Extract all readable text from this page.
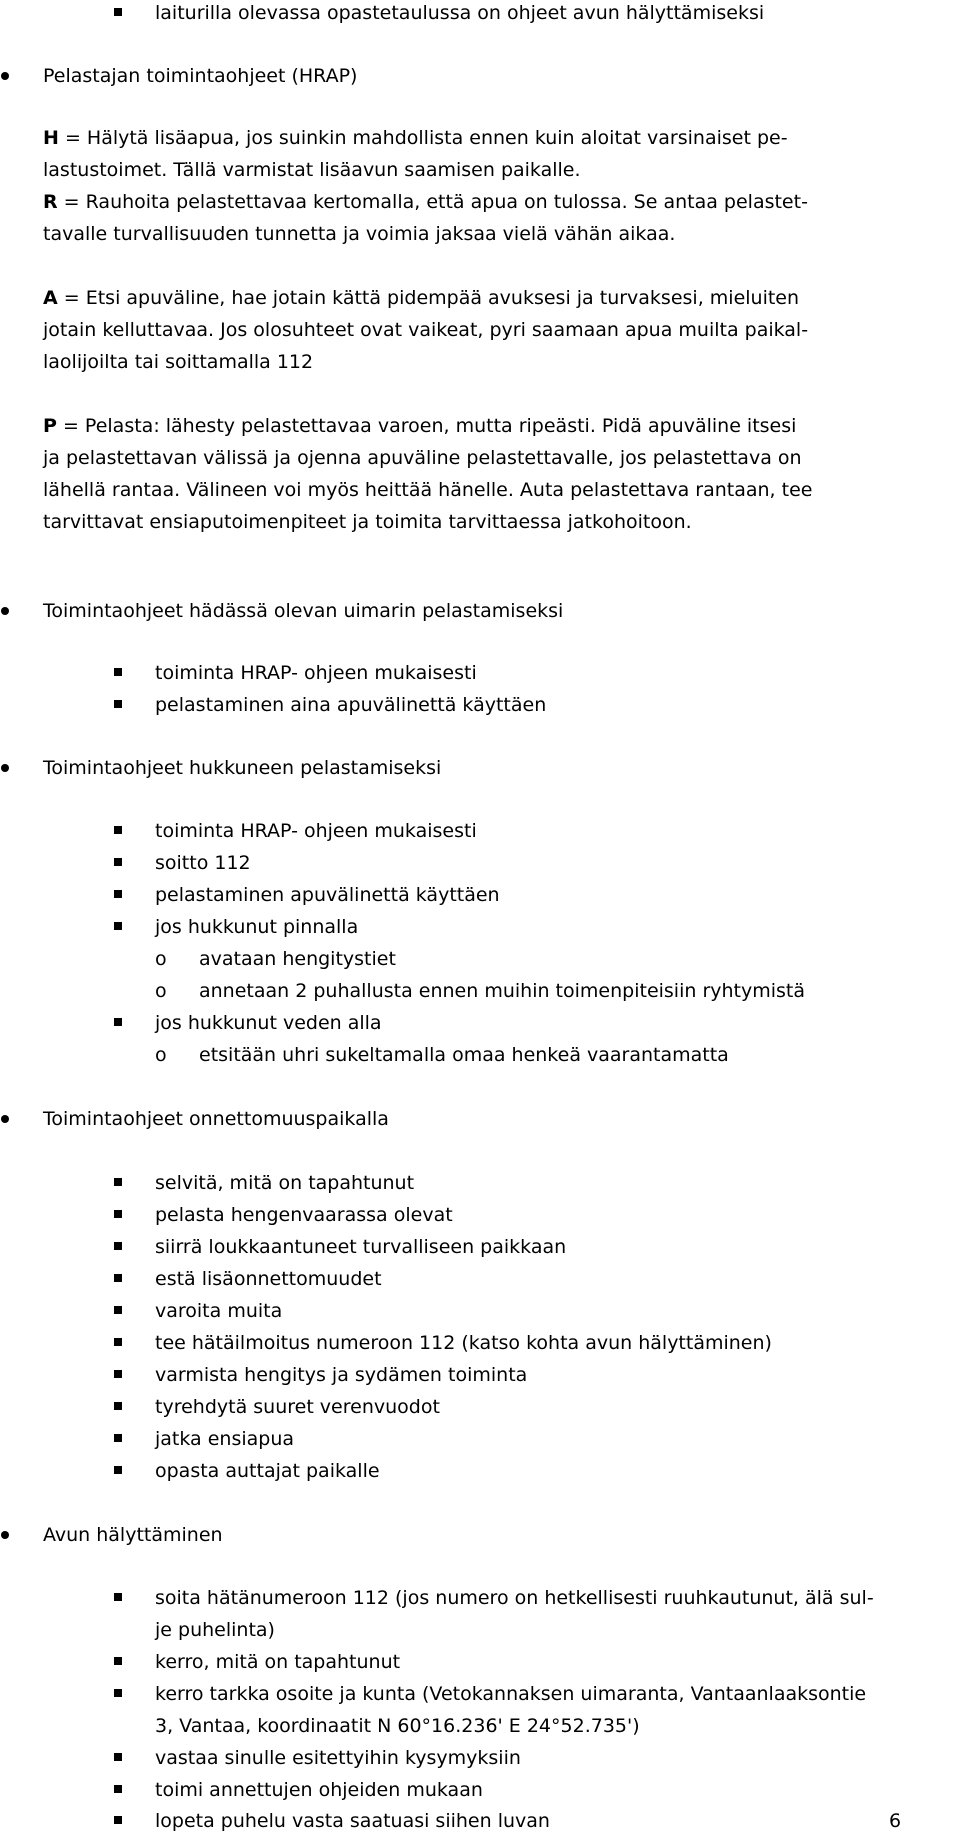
laiturilla olevassa opastetaulussa on ohjeet avun hälyttämiseksi
Pelastajan toimintaohjeet (HRAP)
H = Hälytä lisäapua, jos suinkin mahdollista ennen kuin aloitat varsinaiset pe-
lastustoimet. Tällä varmistat lisäavun saamisen paikalle.
R = Rauhoita pelastettavaa kertomalla, että apua on tulossa. Se antaa pelastet-
tavalle turvallisuuden tunnetta ja voimia jaksaa vielä vähän aikaa.
A = Etsi apuväline, hae jotain kättä pidempää avuksesi ja turvaksesi, mieluiten
jotain kelluttavaa. Jos olosuhteet ovat vaikeat, pyri saamaan apua muilta paikal-
laolijoilta tai soittamalla 112
P = Pelasta: lähesty pelastettavaa varoen, mutta ripeästi. Pidä apuväline itsesi
ja pelastettavan välissä ja ojenna apuväline pelastettavalle, jos pelastettava on
lähellä rantaa. Välineen voi myös heittää hänelle. Auta pelastettava rantaan, tee
tarvittavat ensiaputoimenpiteet ja toimita tarvittaessa jatkohoitoon.
Toimintaohjeet hädässä olevan uimarin pelastamiseksi
toiminta HRAP- ohjeen mukaisesti
pelastaminen aina apuvälinettä käyttäen
Toimintaohjeet hukkuneen pelastamiseksi
toiminta HRAP- ohjeen mukaisesti
soitto 112
pelastaminen apuvälinettä käyttäen
jos hukkunut pinnalla
o avataan hengitystiet
o annetaan 2 puhallusta ennen muihin toimenpiteisiin ryhtymistä
jos hukkunut veden alla
o etsitään uhri sukeltamalla omaa henkeä vaarantamatta
Toimintaohjeet onnettomuuspaikalla
selvitä, mitä on tapahtunut
pelasta hengenvaarassa olevat
siirrä loukkaantuneet turvalliseen paikkaan
estä lisäonnettomuudet
varoita muita
tee hätäilmoitus numeroon 112 (katso kohta avun hälyttäminen)
varmista hengitys ja sydämen toiminta
tyrehdytä suuret verenvuodot
jatka ensiapua
opasta auttajat paikalle
Avun hälyttäminen
soita hätänumeroon 112 (jos numero on hetkellisesti ruuhkautunut, älä sul-
je puhelinta)
kerro, mitä on tapahtunut
kerro tarkka osoite ja kunta (Vetokannaksen uimaranta, Vantaanlaaksontie
3, Vantaa, koordinaatit N 60°16.236' E 24°52.735')
vastaa sinulle esitettyihin kysymyksiin
toimi annettujen ohjeiden mukaan
lopeta puhelu vasta saatuasi siihen luvan	6
